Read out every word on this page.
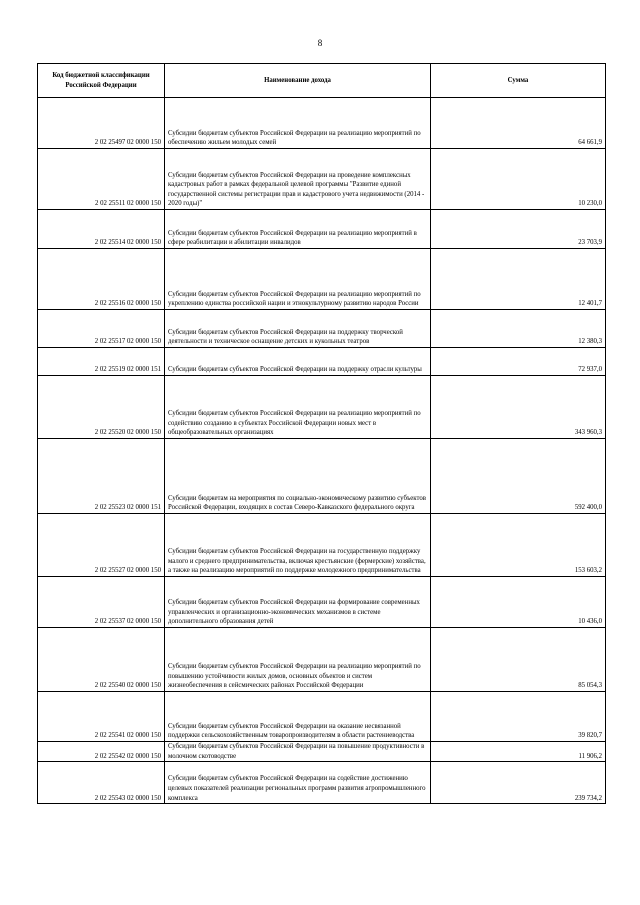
8
Код бюджетной классификации Российской Федерации	Наименование дохода	Сумма
2 02 25497 02 0000 150	Субсидии бюджетам субъектов Российской Федерации на реализацию мероприятий по обеспечению жильем молодых семей	64 661,9
2 02 25511 02 0000 150	Субсидии бюджетам субъектов Российской Федерации на проведение комплексных кадастровых работ в рамках федеральной целевой программы "Развитие единой государственной системы регистрации прав и кадастрового учета недвижимости (2014 - 2020 годы)"	10 230,0
2 02 25514 02 0000 150	Субсидии бюджетам субъектов Российской Федерации на реализацию мероприятий в сфере реабилитации и абилитации инвалидов	23 703,9
2 02 25516 02 0000 150	Субсидии бюджетам субъектов Российской Федерации на реализацию мероприятий по укреплению единства российской нации и этнокультурному развитию народов России	12 401,7
2 02 25517 02 0000 150	Субсидии бюджетам субъектов Российской Федерации на поддержку творческой деятельности и техническое оснащение детских и кукольных театров	12 380,3
2 02 25519 02 0000 151	Субсидии бюджетам субъектов Российской Федерации на поддержку отрасли культуры	72 937,0
2 02 25520 02 0000 150	Субсидии бюджетам субъектов Российской Федерации на реализацию мероприятий по содействию созданию в субъектах Российской Федерации новых мест в общеобразовательных организациях	343 960,3
2 02 25523 02 0000 151	Субсидии бюджетам на мероприятия по социально-экономическому развитию субъектов Российской Федерации, входящих в состав Северо-Кавказского федерального округа	592 400,0
2 02 25527 02 0000 150	Субсидии бюджетам субъектов Российской Федерации на государственную поддержку малого и среднего предпринимательства, включая крестьянские (фермерские) хозяйства, а также на реализацию мероприятий по поддержке молодежного предпринимательства	153 603,2
2 02 25537 02 0000 150	Субсидии бюджетам субъектов Российской Федерации на формирование современных управленческих и организационно-экономических механизмов в системе дополнительного образования детей	10 436,0
2 02 25540 02 0000 150	Субсидии бюджетам субъектов Российской Федерации на реализацию мероприятий по повышению устойчивости жилых домов, основных объектов и систем жизнеобеспечения в сейсмических районах Российской Федерации	85 054,3
2 02 25541 02 0000 150	Субсидии бюджетам субъектов Российской Федерации на оказание несвязанной поддержки сельскохозяйственным товаропроизводителям в области растениеводства	39 820,7
2 02 25542 02 0000 150	Субсидии бюджетам субъектов Российской Федерации на повышение продуктивности в молочном скотоводстве	11 906,2
2 02 25543 02 0000 150	Субсидии бюджетам субъектов Российской Федерации на содействие достижению целевых показателей реализации региональных программ развития агропромышленного комплекса	239 734,2
